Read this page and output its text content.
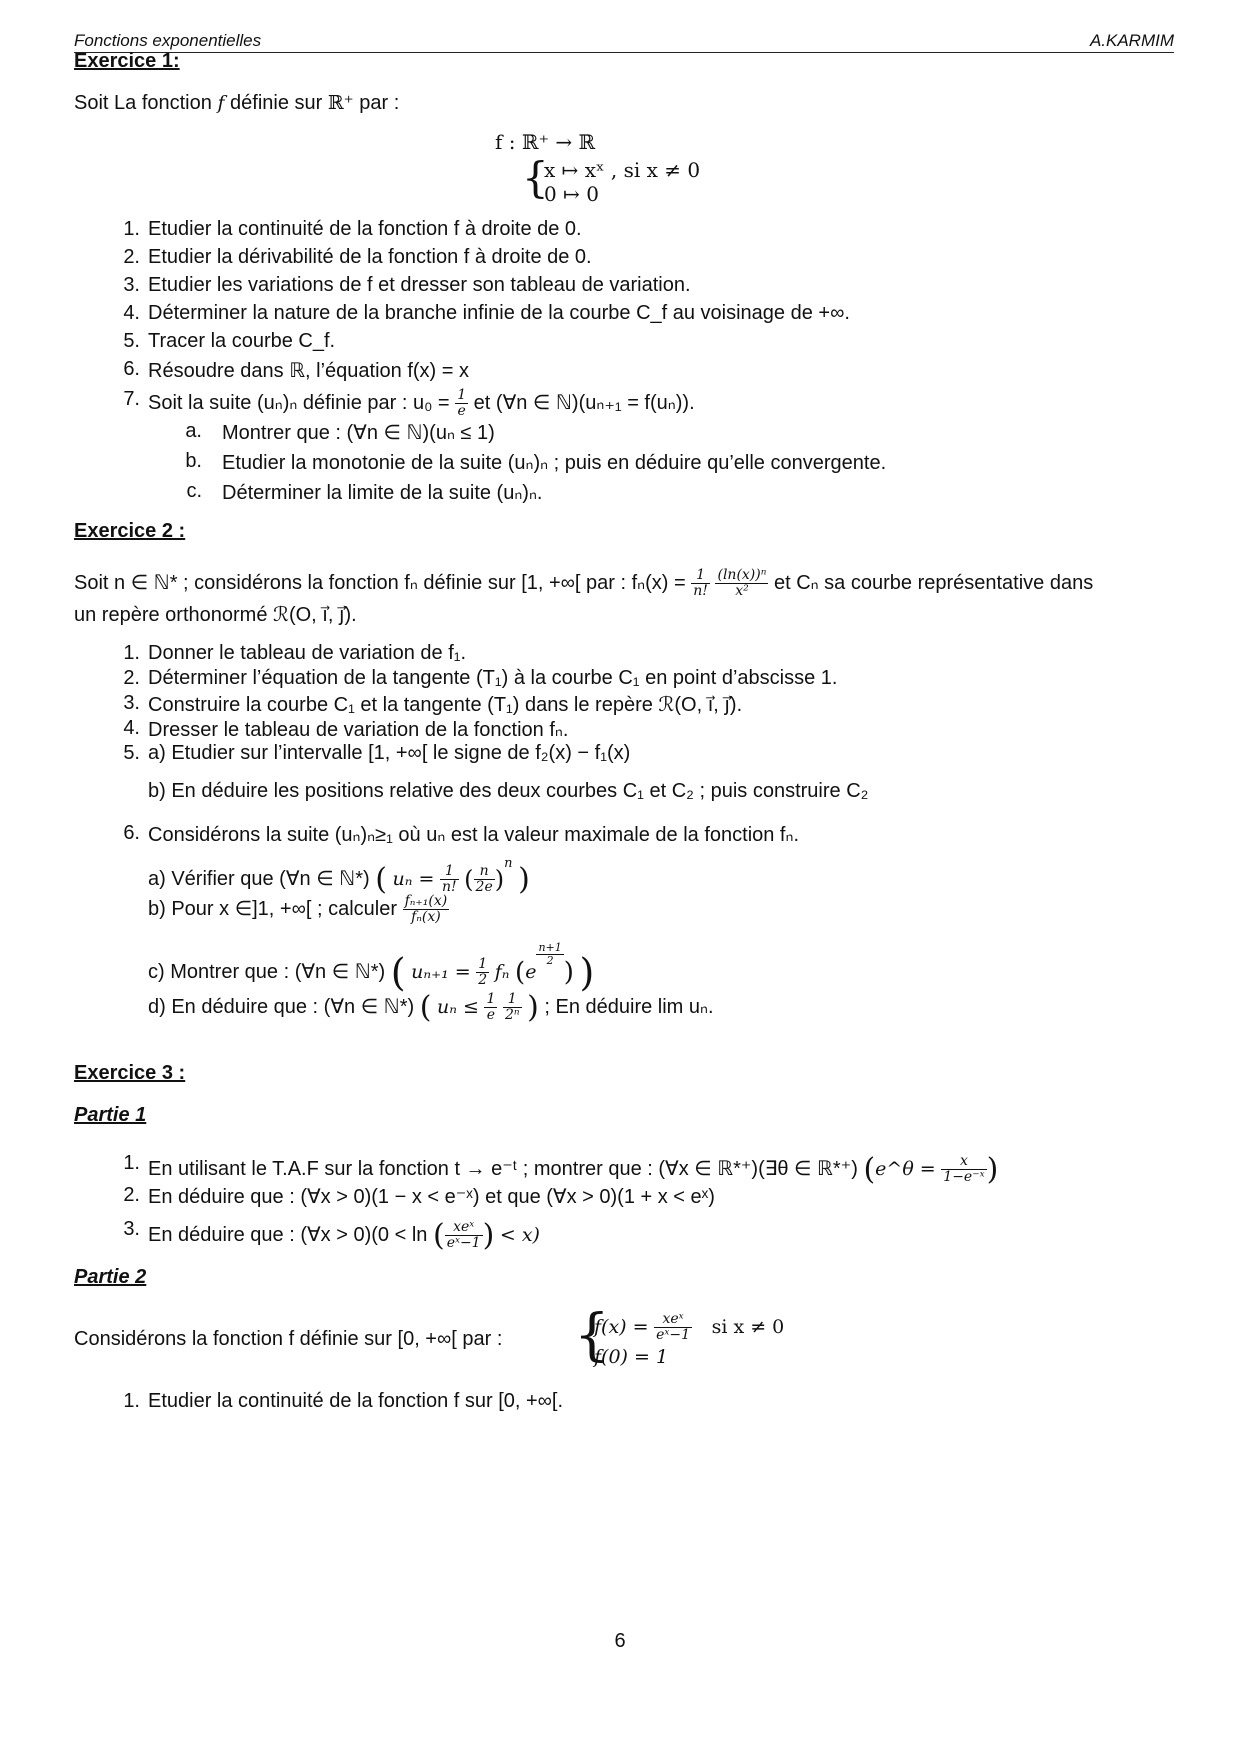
Fonctions exponentielles	A.KARMIM
Exercice 1:
Soit La fonction f définie sur ℝ⁺ par :
f : ℝ⁺ → ℝ
{
x ↦ xˣ , si x ≠ 0
0 ↦ 0
1. Etudier la continuité de la fonction f à droite de 0.
2. Etudier la dérivabilité de la fonction f à droite de 0.
3. Etudier les variations de f et dresser son tableau de variation.
4. Déterminer la nature de la branche infinie de la courbe C_f au voisinage de +∞.
5. Tracer la courbe C_f.
6. Résoudre dans ℝ, l’équation f(x) = x
7. Soit la suite (uₙ)ₙ définie par : $u_0 = \frac{1}{e}$ et (∀n ∈ ℕ)(uₙ₊₁ = f(uₙ)).
a. Montrer que : (∀n ∈ ℕ)(uₙ ≤ 1)
b. Etudier la monotonie de la suite (uₙ)ₙ ; puis en déduire qu’elle convergente.
c. Déterminer la limite de la suite (uₙ)ₙ.
Exercice 2 :
Soit n ∈ ℕ* ; considérons la fonction fₙ définie sur [1, +∞[ par : $f_n(x) = \frac{1}{n!}$
$\frac{\text{(ln(x))ⁿ}}{\text{x²}}$ et Cₙ sa courbe représentative dans
un repère orthonormé ℛ(O, i⃗, j⃗).
1. Donner le tableau de variation de f₁.
2. Déterminer l’équation de la tangente (T₁) à la courbe C₁ en point d’abscisse 1.
3. Construire la courbe C₁ et la tangente (T₁) dans le repère ℛ(O, i⃗, j⃗).
4. Dresser le tableau de variation de la fonction fₙ.
5. a) Etudier sur l’intervalle [1, +∞[ le signe de f₂(x) − f₁(x)
b) En déduire les positions relative des deux courbes C₁ et C₂ ; puis construire C₂
6. Considérons la suite (uₙ)ₙ≥₁ où uₙ est la valeur maximale de la fonction fₙ.
a) Vérifier que (∀n ∈ ℕ*) ( $u_n = \frac{1}{n!}$ ( $\frac{n}{2e} )^n$ )
b) Pour x ∈]1, +∞[ ; calculer $\frac{\text{fₙ₊₁(x)}}{\text{fₙ(x)}}$
c) Montrer que : (∀n ∈ ℕ*) ( $u_{n+1} = \frac{1}{2}$ fₙ (e
$\frac{n+1}{2}$
) )
d) En déduire que : (∀n ∈ ℕ*) ( $u_n \le \frac{1}{e}$
$\frac{1}{\text{2ⁿ}}$ ) ; En déduire lim uₙ.
Exercice 3 :
Partie 1
1. En utilisant le T.A.F sur la fonction t → e⁻ᵗ ; montrer que : (∀x ∈ ℝ*⁺)(∃θ ∈ ℝ*⁺) (e^θ = $\frac{x}{\text{1−e⁻ˣ}}$ )
2. En déduire que : (∀x > 0)(1 − x < e⁻ˣ) et que (∀x > 0)(1 + x < eˣ)
3. En déduire que : (∀x > 0)(0 < ln ( $\frac{\text{xeˣ}}{\text{eˣ−1}}$ ) < x)
Partie 2
Considérons la fonction f définie sur [0, +∞[ par : {
$f(x) = \frac{\text{xeˣ}}{\text{eˣ−1}}$ si x ≠ 0
f(0) = 1
1. Etudier la continuité de la fonction f sur [0, +∞[.
6
